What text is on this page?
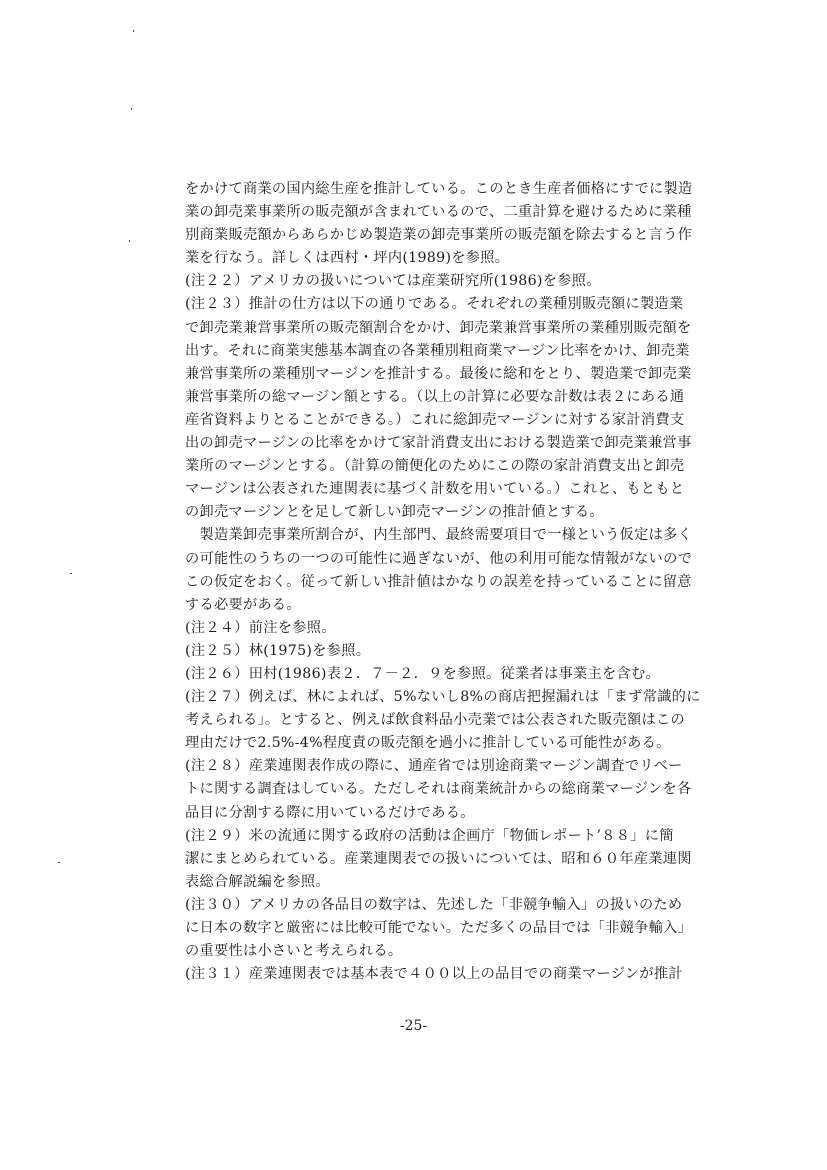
をかけて商業の国内総生産を推計している。このとき生産者価格にすでに製造
業の卸売業事業所の販売額が含まれているので、二重計算を避けるために業種
別商業販売額からあらかじめ製造業の卸売事業所の販売額を除去すると言う作
業を行なう。詳しくは西村・坪内(1989)を参照。
(注２２）アメリカの扱いについては産業研究所(1986)を参照。
(注２３）推計の仕方は以下の通りである。それぞれの業種別販売額に製造業
で卸売業兼営事業所の販売額割合をかけ、卸売業兼営事業所の業種別販売額を
出す。それに商業実態基本調査の各業種別粗商業マージン比率をかけ、卸売業
兼営事業所の業種別マージンを推計する。最後に総和をとり、製造業で卸売業
兼営事業所の総マージン額とする。（以上の計算に必要な計数は表２にある通
産省資料よりとることができる。）これに総卸売マージンに対する家計消費支
出の卸売マージンの比率をかけて家計消費支出における製造業で卸売業兼営事
業所のマージンとする。（計算の簡便化のためにこの際の家計消費支出と卸売
マージンは公表された連関表に基づく計数を用いている。）これと、もともと
の卸売マージンとを足して新しい卸売マージンの推計値とする。
　製造業卸売事業所割合が、内生部門、最終需要項目で一様という仮定は多く
の可能性のうちの一つの可能性に過ぎないが、他の利用可能な情報がないので
この仮定をおく。従って新しい推計値はかなりの誤差を持っていることに留意
する必要がある。
(注２４）前注を参照。
(注２５）林(1975)を参照。
(注２６）田村(1986)表２．７－２．９を参照。従業者は事業主を含む。
(注２７）例えば、林によれば、5%ないし8%の商店把握漏れは「まず常識的に
考えられる」。とすると、例えば飲食料品小売業では公表された販売額はこの
理由だけで2.5%-4%程度責の販売額を過小に推計している可能性がある。
(注２８）産業連関表作成の際に、通産省では別途商業マージン調査でリベー
トに関する調査はしている。ただしそれは商業統計からの総商業マージンを各
品目に分割する際に用いているだけである。
(注２９）米の流通に関する政府の活動は企画庁「物価レポート’８８」に簡
潔にまとめられている。産業連関表での扱いについては、昭和６０年産業連関
表総合解説編を参照。
(注３０）アメリカの各品目の数字は、先述した「非競争輸入」の扱いのため
に日本の数字と厳密には比較可能でない。ただ多くの品目では「非競争輸入」
の重要性は小さいと考えられる。
(注３１）産業連関表では基本表で４００以上の品目での商業マージンが推計
-25-
